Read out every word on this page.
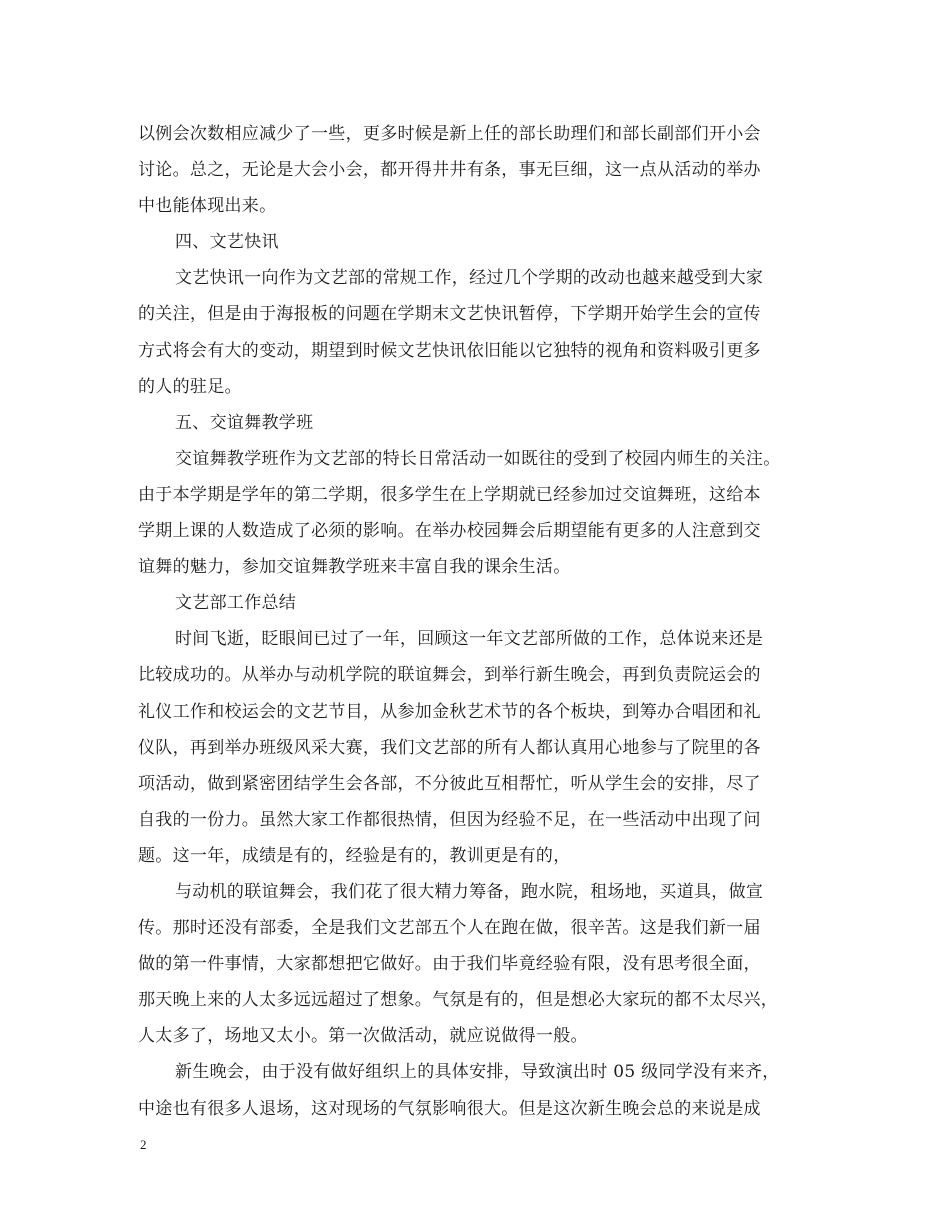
以例会次数相应减少了一些，更多时候是新上任的部长助理们和部长副部们开小会
讨论。总之，无论是大会小会，都开得井井有条，事无巨细，这一点从活动的举办
中也能体现出来。
四、文艺快讯
文艺快讯一向作为文艺部的常规工作，经过几个学期的改动也越来越受到大家
的关注，但是由于海报板的问题在学期末文艺快讯暂停，下学期开始学生会的宣传
方式将会有大的变动，期望到时候文艺快讯依旧能以它独特的视角和资料吸引更多
的人的驻足。
五、交谊舞教学班
交谊舞教学班作为文艺部的特长日常活动一如既往的受到了校园内师生的关注。
由于本学期是学年的第二学期，很多学生在上学期就已经参加过交谊舞班，这给本
学期上课的人数造成了必须的影响。在举办校园舞会后期望能有更多的人注意到交
谊舞的魅力，参加交谊舞教学班来丰富自我的课余生活。
文艺部工作总结
时间飞逝，眨眼间已过了一年，回顾这一年文艺部所做的工作，总体说来还是
比较成功的。从举办与动机学院的联谊舞会，到举行新生晚会，再到负责院运会的
礼仪工作和校运会的文艺节目，从参加金秋艺术节的各个板块，到筹办合唱团和礼
仪队，再到举办班级风采大赛，我们文艺部的所有人都认真用心地参与了院里的各
项活动，做到紧密团结学生会各部，不分彼此互相帮忙，听从学生会的安排，尽了
自我的一份力。虽然大家工作都很热情，但因为经验不足，在一些活动中出现了问
题。这一年，成绩是有的，经验是有的，教训更是有的，
与动机的联谊舞会，我们花了很大精力筹备，跑水院，租场地，买道具，做宣
传。那时还没有部委，全是我们文艺部五个人在跑在做，很辛苦。这是我们新一届
做的第一件事情，大家都想把它做好。由于我们毕竟经验有限，没有思考很全面，
那天晚上来的人太多远远超过了想象。气氛是有的，但是想必大家玩的都不太尽兴，
人太多了，场地又太小。第一次做活动，就应说做得一般。
新生晚会，由于没有做好组织上的具体安排，导致演出时 05 级同学没有来齐，
中途也有很多人退场，这对现场的气氛影响很大。但是这次新生晚会总的来说是成
2
